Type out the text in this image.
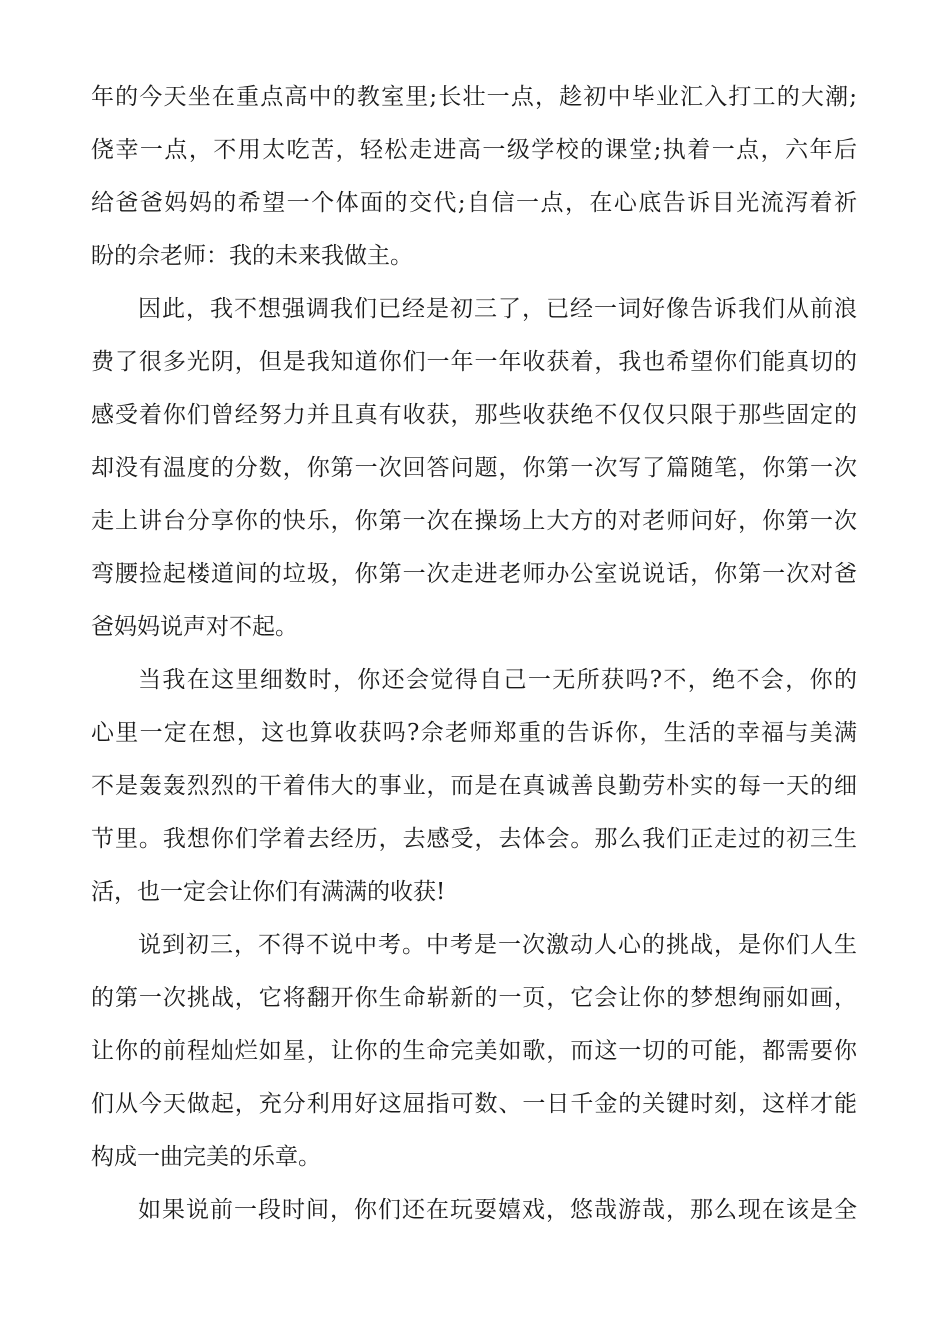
年的今天坐在重点高中的教室里;长壮一点，趁初中毕业汇入打工的大潮;
侥幸一点，不用太吃苦，轻松走进高一级学校的课堂;执着一点，六年后
给爸爸妈妈的希望一个体面的交代;自信一点，在心底告诉目光流泻着祈
盼的佘老师：我的未来我做主。
因此，我不想强调我们已经是初三了，已经一词好像告诉我们从前浪
费了很多光阴，但是我知道你们一年一年收获着，我也希望你们能真切的
感受着你们曾经努力并且真有收获，那些收获绝不仅仅只限于那些固定的
却没有温度的分数，你第一次回答问题，你第一次写了篇随笔，你第一次
走上讲台分享你的快乐，你第一次在操场上大方的对老师问好，你第一次
弯腰捡起楼道间的垃圾，你第一次走进老师办公室说说话，你第一次对爸
爸妈妈说声对不起。
当我在这里细数时，你还会觉得自己一无所获吗?不，绝不会，你的
心里一定在想，这也算收获吗?佘老师郑重的告诉你，生活的幸福与美满
不是轰轰烈烈的干着伟大的事业，而是在真诚善良勤劳朴实的每一天的细
节里。我想你们学着去经历，去感受，去体会。那么我们正走过的初三生
活，也一定会让你们有满满的收获!
说到初三，不得不说中考。中考是一次激动人心的挑战，是你们人生
的第一次挑战，它将翻开你生命崭新的一页，它会让你的梦想绚丽如画，
让你的前程灿烂如星，让你的生命完美如歌，而这一切的可能，都需要你
们从今天做起，充分利用好这屈指可数、一日千金的关键时刻，这样才能
构成一曲完美的乐章。
如果说前一段时间，你们还在玩耍嬉戏，悠哉游哉，那么现在该是全
